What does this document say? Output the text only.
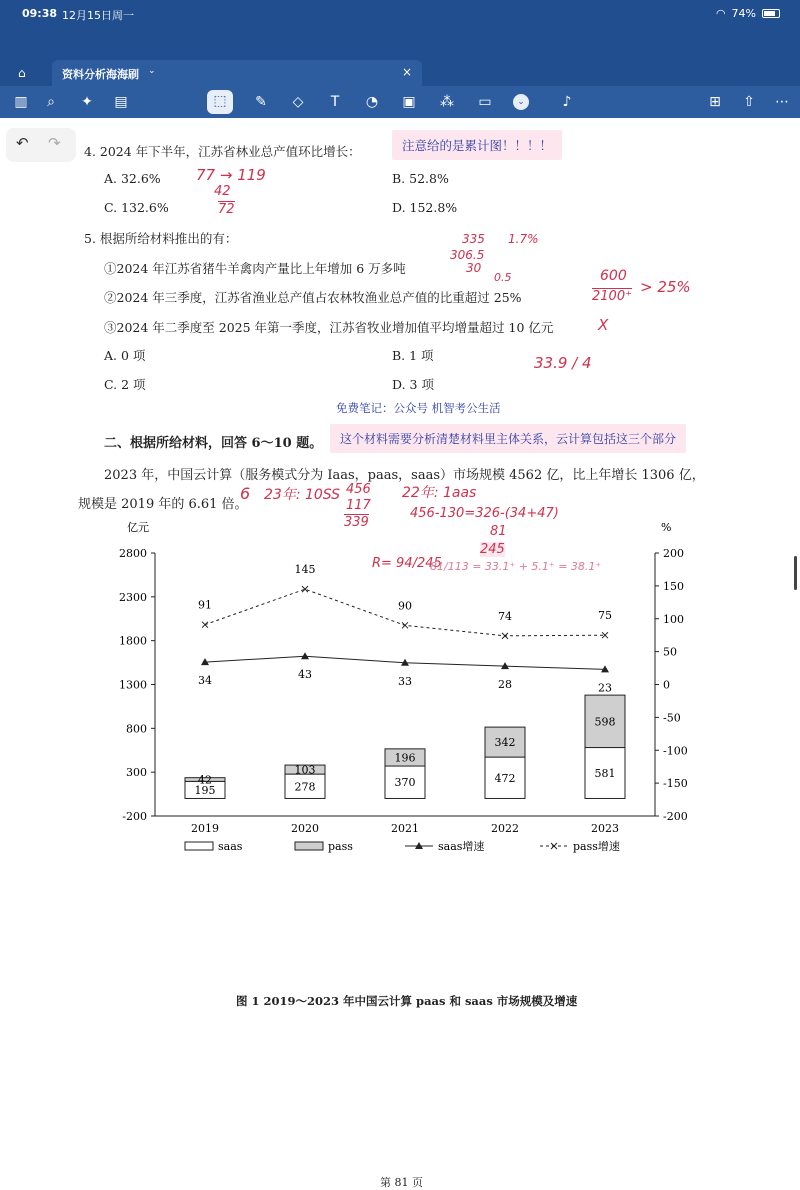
09:38 12月15日周一	◠ 74%
⌂	资料分析海海刷 ⌄	×
▥	⌕	✦	▤	⬚	✎	◇	T	◔	▣	⁂	▭	⌄	♪	⊞	⇧	⋯
↶ ↷ 4. 2024 年下半年，江苏省林业总产值环比增长：	注意给的是累计图！！！！
A. 32.6%	B. 52.8%
C. 132.6%	D. 152.8%
5. 根据所给材料推出的有：
①2024 年江苏省猪牛羊禽肉产量比上年增加 6 万多吨
②2024 年三季度，江苏省渔业总产值占农林牧渔业总产值的比重超过 25%
③2024 年二季度至 2025 年第一季度，江苏省牧业增加值平均增量超过 10 亿元
A. 0 项	B. 1 项
C. 2 项	D. 3 项
免费笔记：公众号 机智考公生活
二、根据所给材料，回答 6～10 题。	这个材料需要分析清楚材料里主体关系，云计算包括这三个部分
2023 年，中国云计算（服务模式分为 Iaas，paas，saas）市场规模 4562 亿，比上年增长 1306 亿，
规模是 2019 年的 6.61 倍。
77 → 119
42
72
335 1.7%
306.5
30
0.5	600
2100⁺
> 25%
33.9 / 4
X
6 23年: 10SS 456
117
339
22年: 1aas
456-130=326-(34+47)
81
245
R= 94/245
81/113 = 33.1⁺ + 5.1⁺ = 38.1⁺
亿元	%
2800
2300
1800
1300
800
300
-200
200
150
100
50
0
-50
-100
-150
-200
2019	2020	2021	2022	2023
195
42
278
103
370
196
472
342
581
598
34	43
33	28	23
91
145
90
74	75
saas	pass	saas增速	pass增速
图 1 2019～2023 年中国云计算 paas 和 saas 市场规模及增速
第 81 页
